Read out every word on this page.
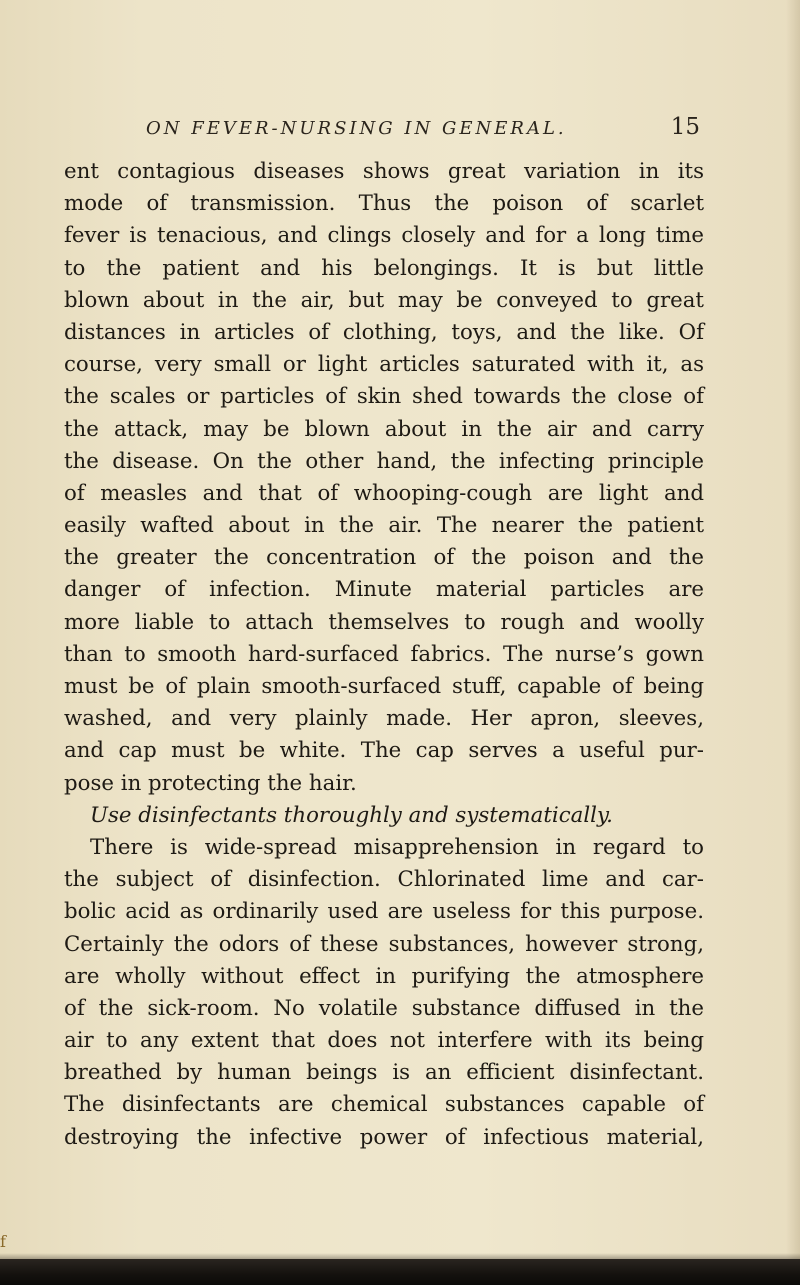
ON FEVER-NURSING IN GENERAL.	15
ent contagious diseases shows great variation in its
mode of transmission. Thus the poison of scarlet
fever is tenacious, and clings closely and for a long time
to the patient and his belongings. It is but little
blown about in the air, but may be conveyed to great
distances in articles of clothing, toys, and the like. Of
course, very small or light articles saturated with it, as
the scales or particles of skin shed towards the close of
the attack, may be blown about in the air and carry
the disease. On the other hand, the infecting principle
of measles and that of whooping-cough are light and
easily wafted about in the air. The nearer the patient
the greater the concentration of the poison and the
danger of infection. Minute material particles are
more liable to attach themselves to rough and woolly
than to smooth hard-surfaced fabrics. The nurse’s gown
must be of plain smooth-surfaced stuff, capable of being
washed, and very plainly made. Her apron, sleeves,
and cap must be white. The cap serves a useful pur-
pose in protecting the hair.
Use disinfectants thoroughly and systematically.
There is wide-spread misapprehension in regard to
the subject of disinfection. Chlorinated lime and car-
bolic acid as ordinarily used are useless for this purpose.
Certainly the odors of these substances, however strong,
are wholly without effect in purifying the atmosphere
of the sick-room. No volatile substance diffused in the
air to any extent that does not interfere with its being
breathed by human beings is an efficient disinfectant.
The disinfectants are chemical substances capable of
destroying the infective power of infectious material,
f
